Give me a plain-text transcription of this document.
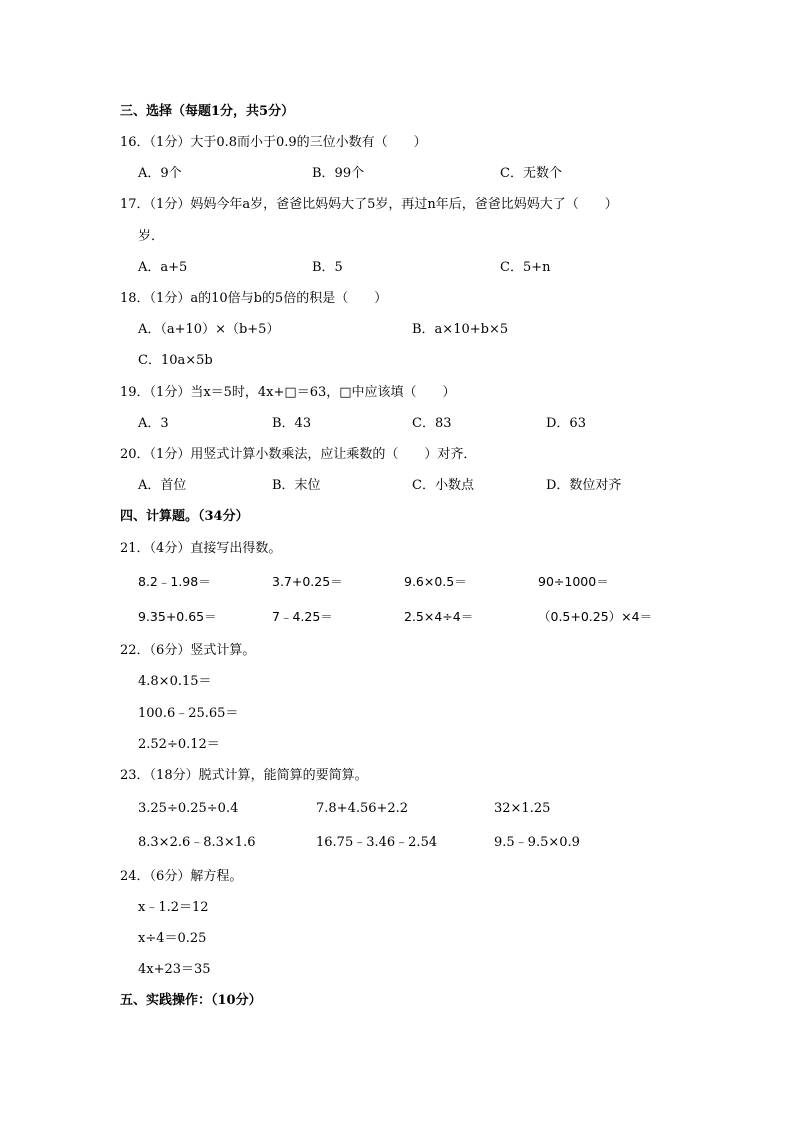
三、选择（每题1分，共5分）
16．（1分）大于0.8而小于0.9的三位小数有（　　）
A．9个	B．99个	C．无数个
17．（1分）妈妈今年a岁，爸爸比妈妈大了5岁，再过n年后，爸爸比妈妈大了（　　）
岁．
A．a+5	B．5	C．5+n
18．（1分）a的10倍与b的5倍的积是（　　）
A．（a+10）×（b+5）	B．a×10+b×5
C．10a×5b
19．（1分）当x＝5时，4x+□＝63，□中应该填（　　）
A．3	B．43	C．83	D．63
20．（1分）用竖式计算小数乘法，应让乘数的（　　）对齐．
A．首位	B．末位	C．小数点	D．数位对齐
四、计算题。（34分）
21．（4分）直接写出得数。
8.2﹣1.98＝	3.7+0.25＝	9.6×0.5＝	90÷1000＝
9.35+0.65＝	7﹣4.25＝	2.5×4÷4＝	（0.5+0.25）×4＝
22．（6分）竖式计算。
4.8×0.15＝
100.6﹣25.65＝
2.52÷0.12＝
23．（18分）脱式计算，能简算的要简算。
3.25÷0.25÷0.4	7.8+4.56+2.2	32×1.25
8.3×2.6﹣8.3×1.6	16.75﹣3.46﹣2.54	9.5﹣9.5×0.9
24．（6分）解方程。
x﹣1.2＝12
x÷4＝0.25
4x+23＝35
五、实践操作：（10分）
